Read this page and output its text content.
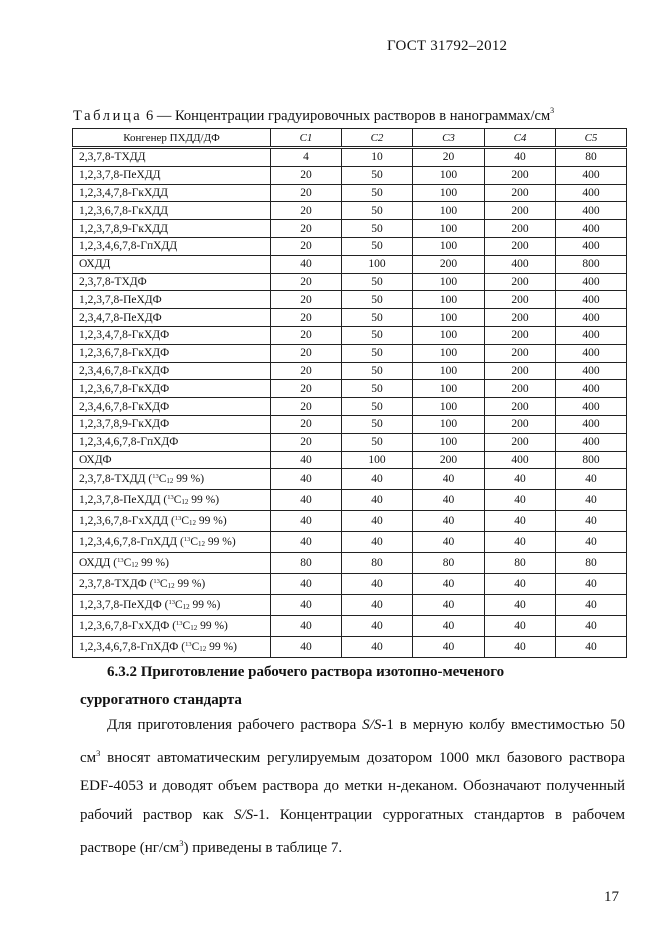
ГОСТ 31792–2012
Таблица 6 — Концентрации градуировочных растворов в нанограммах/$см^3$
Конгенер ПХДД/ДФ	С1	С2	С3	С4	С5
2,3,7,8-ТХДД	4	10	20	40	80
1,2,3,7,8-ПеХДД	20	50	100	200	400
1,2,3,4,7,8-ГкХДД	20	50	100	200	400
1,2,3,6,7,8-ГкХДД	20	50	100	200	400
1,2,3,7,8,9-ГкХДД	20	50	100	200	400
1,2,3,4,6,7,8-ГпХДД	20	50	100	200	400
ОХДД	40	100	200	400	800
2,3,7,8-ТХДФ	20	50	100	200	400
1,2,3,7,8-ПеХДФ	20	50	100	200	400
2,3,4,7,8-ПеХДФ	20	50	100	200	400
1,2,3,4,7,8-ГкХДФ	20	50	100	200	400
1,2,3,6,7,8-ГкХДФ	20	50	100	200	400
2,3,4,6,7,8-ГкХДФ	20	50	100	200	400
1,2,3,6,7,8-ГкХДФ	20	50	100	200	400
2,3,4,6,7,8-ГкХДФ	20	50	100	200	400
1,2,3,7,8,9-ГкХДФ	20	50	100	200	400
1,2,3,4,6,7,8-ГпХДФ	20	50	100	200	400
ОХДФ	40	100	200	400	800
2,3,7,8-ТХДД ($^{13}С_{12}$ 99 %)	40	40	40	40	40
1,2,3,7,8-ПеХДД ($^{13}С_{12}$ 99 %)	40	40	40	40	40
1,2,3,6,7,8-ГхХДД ($^{13}С_{12}$ 99 %)	40	40	40	40	40
1,2,3,4,6,7,8-ГпХДД ($^{13}С_{12}$ 99 %)	40	40	40	40	40
ОХДД ($^{13}С_{12}$ 99 %)	80	80	80	80	80
2,3,7,8-ТХДФ ($^{13}С_{12}$ 99 %)	40	40	40	40	40
1,2,3,7,8-ПеХДФ ($^{13}С_{12}$ 99 %)	40	40	40	40	40
1,2,3,6,7,8-ГхХДФ ($^{13}С_{12}$ 99 %)	40	40	40	40	40
1,2,3,4,6,7,8-ГпХДФ ($^{13}С_{12}$ 99 %)	40	40	40	40	40
6.3.2 Приготовление рабочего раствора изотопно-меченого
суррогатного стандарта
Для приготовления рабочего раствора S/S-1 в мерную колбу вместимостью 50 $см^3$ вносят автоматическим регулируемым дозатором 1000 мкл базового раствора EDF-4053 и доводят объем раствора до метки н-деканом. Обозначают полученный рабочий раствор как S/S-1. Концентрации суррогатных стандартов в рабочем растворе $(нг/см^3)$ приведены в таблице 7.
17
